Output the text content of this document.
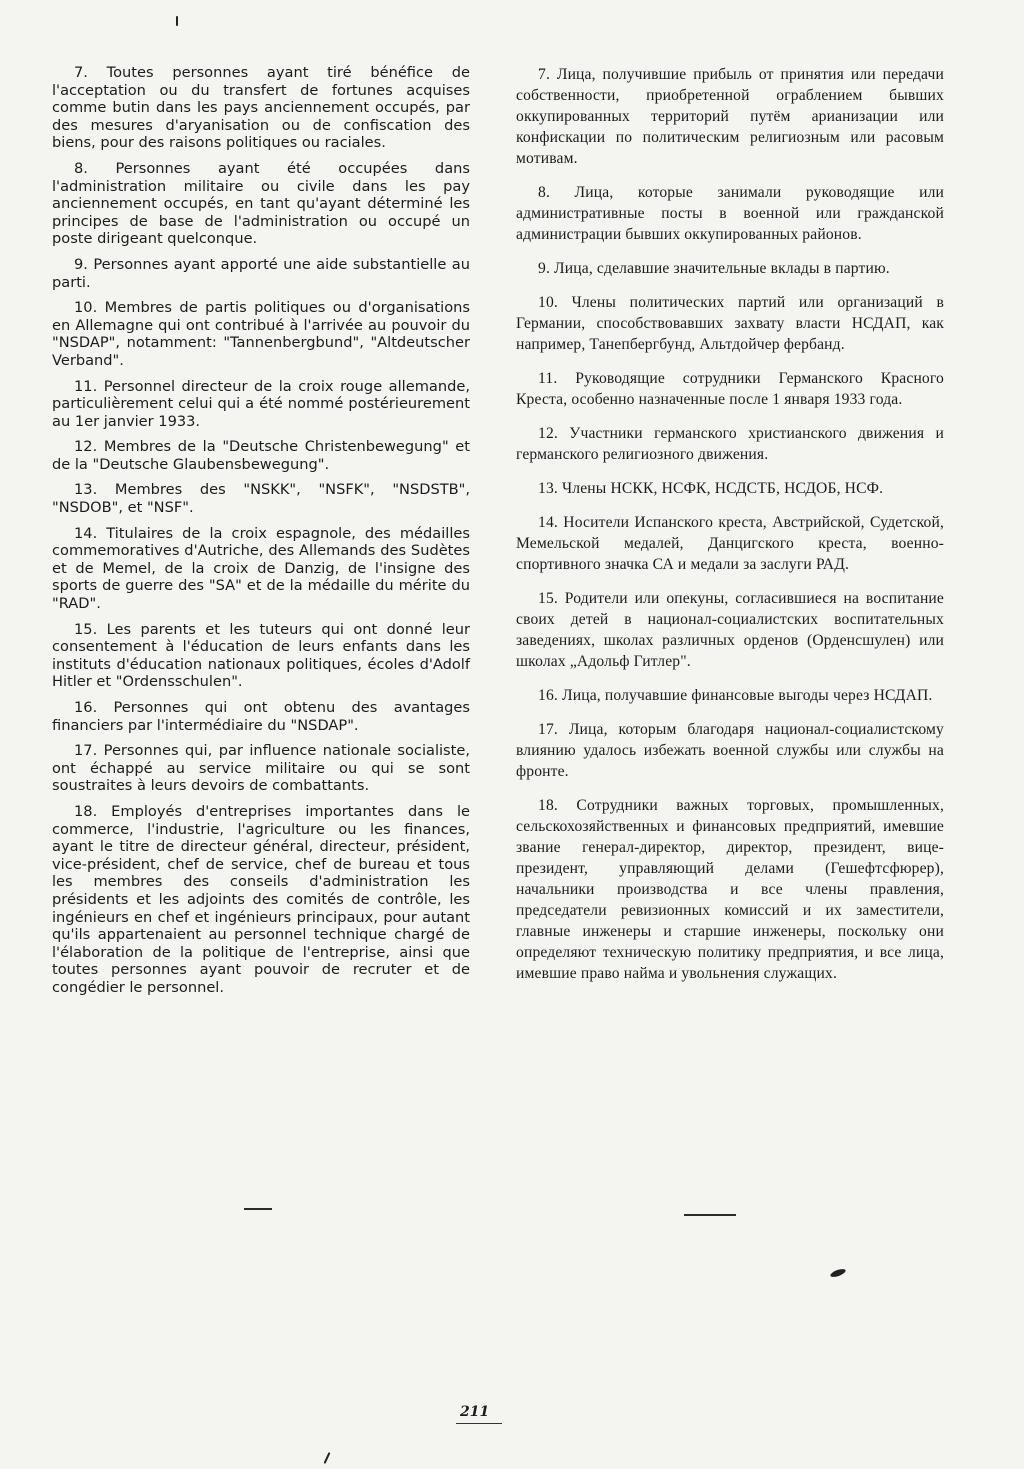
7. Toutes personnes ayant tiré bénéfice de l'acceptation ou du transfert de fortunes acquises comme butin dans les pays anciennement occupés, par des mesures d'aryanisation ou de confiscation des biens, pour des raisons politiques ou raciales.

8. Personnes ayant été occupées dans l'administration militaire ou civile dans les pay anciennement occupés, en tant qu'ayant déterminé les principes de base de l'administration ou occupé un poste dirigeant quelconque.

9. Personnes ayant apporté une aide substantielle au parti.

10. Membres de partis politiques ou d'organisations en Allemagne qui ont contribué à l'arrivée au pouvoir du "NSDAP", notamment: "Tannenbergbund", "Altdeutscher Verband".

11. Personnel directeur de la croix rouge allemande, particulièrement celui qui a été nommé postérieurement au 1er janvier 1933.

12. Membres de la "Deutsche Christenbewegung" et de la "Deutsche Glaubensbewegung".

13. Membres des "NSKK", "NSFK", "NSDSTB", "NSDOB", et "NSF".

14. Titulaires de la croix espagnole, des médailles commemoratives d'Autriche, des Allemands des Sudètes et de Memel, de la croix de Danzig, de l'insigne des sports de guerre des "SA" et de la médaille du mérite du "RAD".

15. Les parents et les tuteurs qui ont donné leur consentement à l'éducation de leurs enfants dans les instituts d'éducation nationaux politiques, écoles d'Adolf Hitler et "Ordensschulen".

16. Personnes qui ont obtenu des avantages financiers par l'intermédiaire du "NSDAP".

17. Personnes qui, par influence nationale socialiste, ont échappé au service militaire ou qui se sont soustraites à leurs devoirs de combattants.

18. Employés d'entreprises importantes dans le commerce, l'industrie, l'agriculture ou les finances, ayant le titre de directeur général, directeur, président, vice-président, chef de service, chef de bureau et tous les membres des conseils d'administration les présidents et les adjoints des comités de contrôle, les ingénieurs en chef et ingénieurs principaux, pour autant qu'ils appartenaient au personnel technique chargé de l'élaboration de la politique de l'entreprise, ainsi que toutes personnes ayant pouvoir de recruter et de congédier le personnel.

7. Лица, получившие прибыль от принятия или передачи собственности, приобретенной ограблением бывших оккупированных территорий путём арианизации или конфискации по политическим религиозным или расовым мотивам.

8. Лица, которые занимали руководящие или административные посты в военной или гражданской администрации бывших оккупированных районов.

9. Лица, сделавшие значительные вклады в партию.

10. Члены политических партий или организаций в Германии, способствовавших захвату власти НСДАП, как например, Танепбергбунд, Альтдойчер фербанд.

11. Руководящие сотрудники Германского Красного Креста, особенно назначенные после 1 января 1933 года.

12. Участники германского христианского движения и германского религиозного движения.

13. Члены НСКК, НСФК, НСДСТБ, НСДОБ, НСФ.

14. Носители Испанского креста, Австрийской, Судетской, Мемельской медалей, Данцигского креста, военно-спортивного значка СА и медали за заслуги РАД.

15. Родители или опекуны, согласившиеся на воспитание своих детей в национал-социалистских воспитательных заведениях, школах различных орденов (Орденсшулен) или школах „Адольф Гитлер".

16. Лица, получавшие финансовые выгоды через НСДАП.

17. Лица, которым благодаря национал-социалистскому влиянию удалось избежать военной службы или службы на фронте.

18. Сотрудники важных торговых, промышленных, сельскохозяйственных и финансовых предприятий, имевшие звание генерал-директор, директор, президент, вице-президент, управляющий делами (Гешефтсфюрер), начальники производства и все члены правления, председатели ревизионных комиссий и их заместители, главные инженеры и старшие инженеры, поскольку они определяют техническую политику предприятия, и все лица, имевшие право найма и увольнения служащих.

211
